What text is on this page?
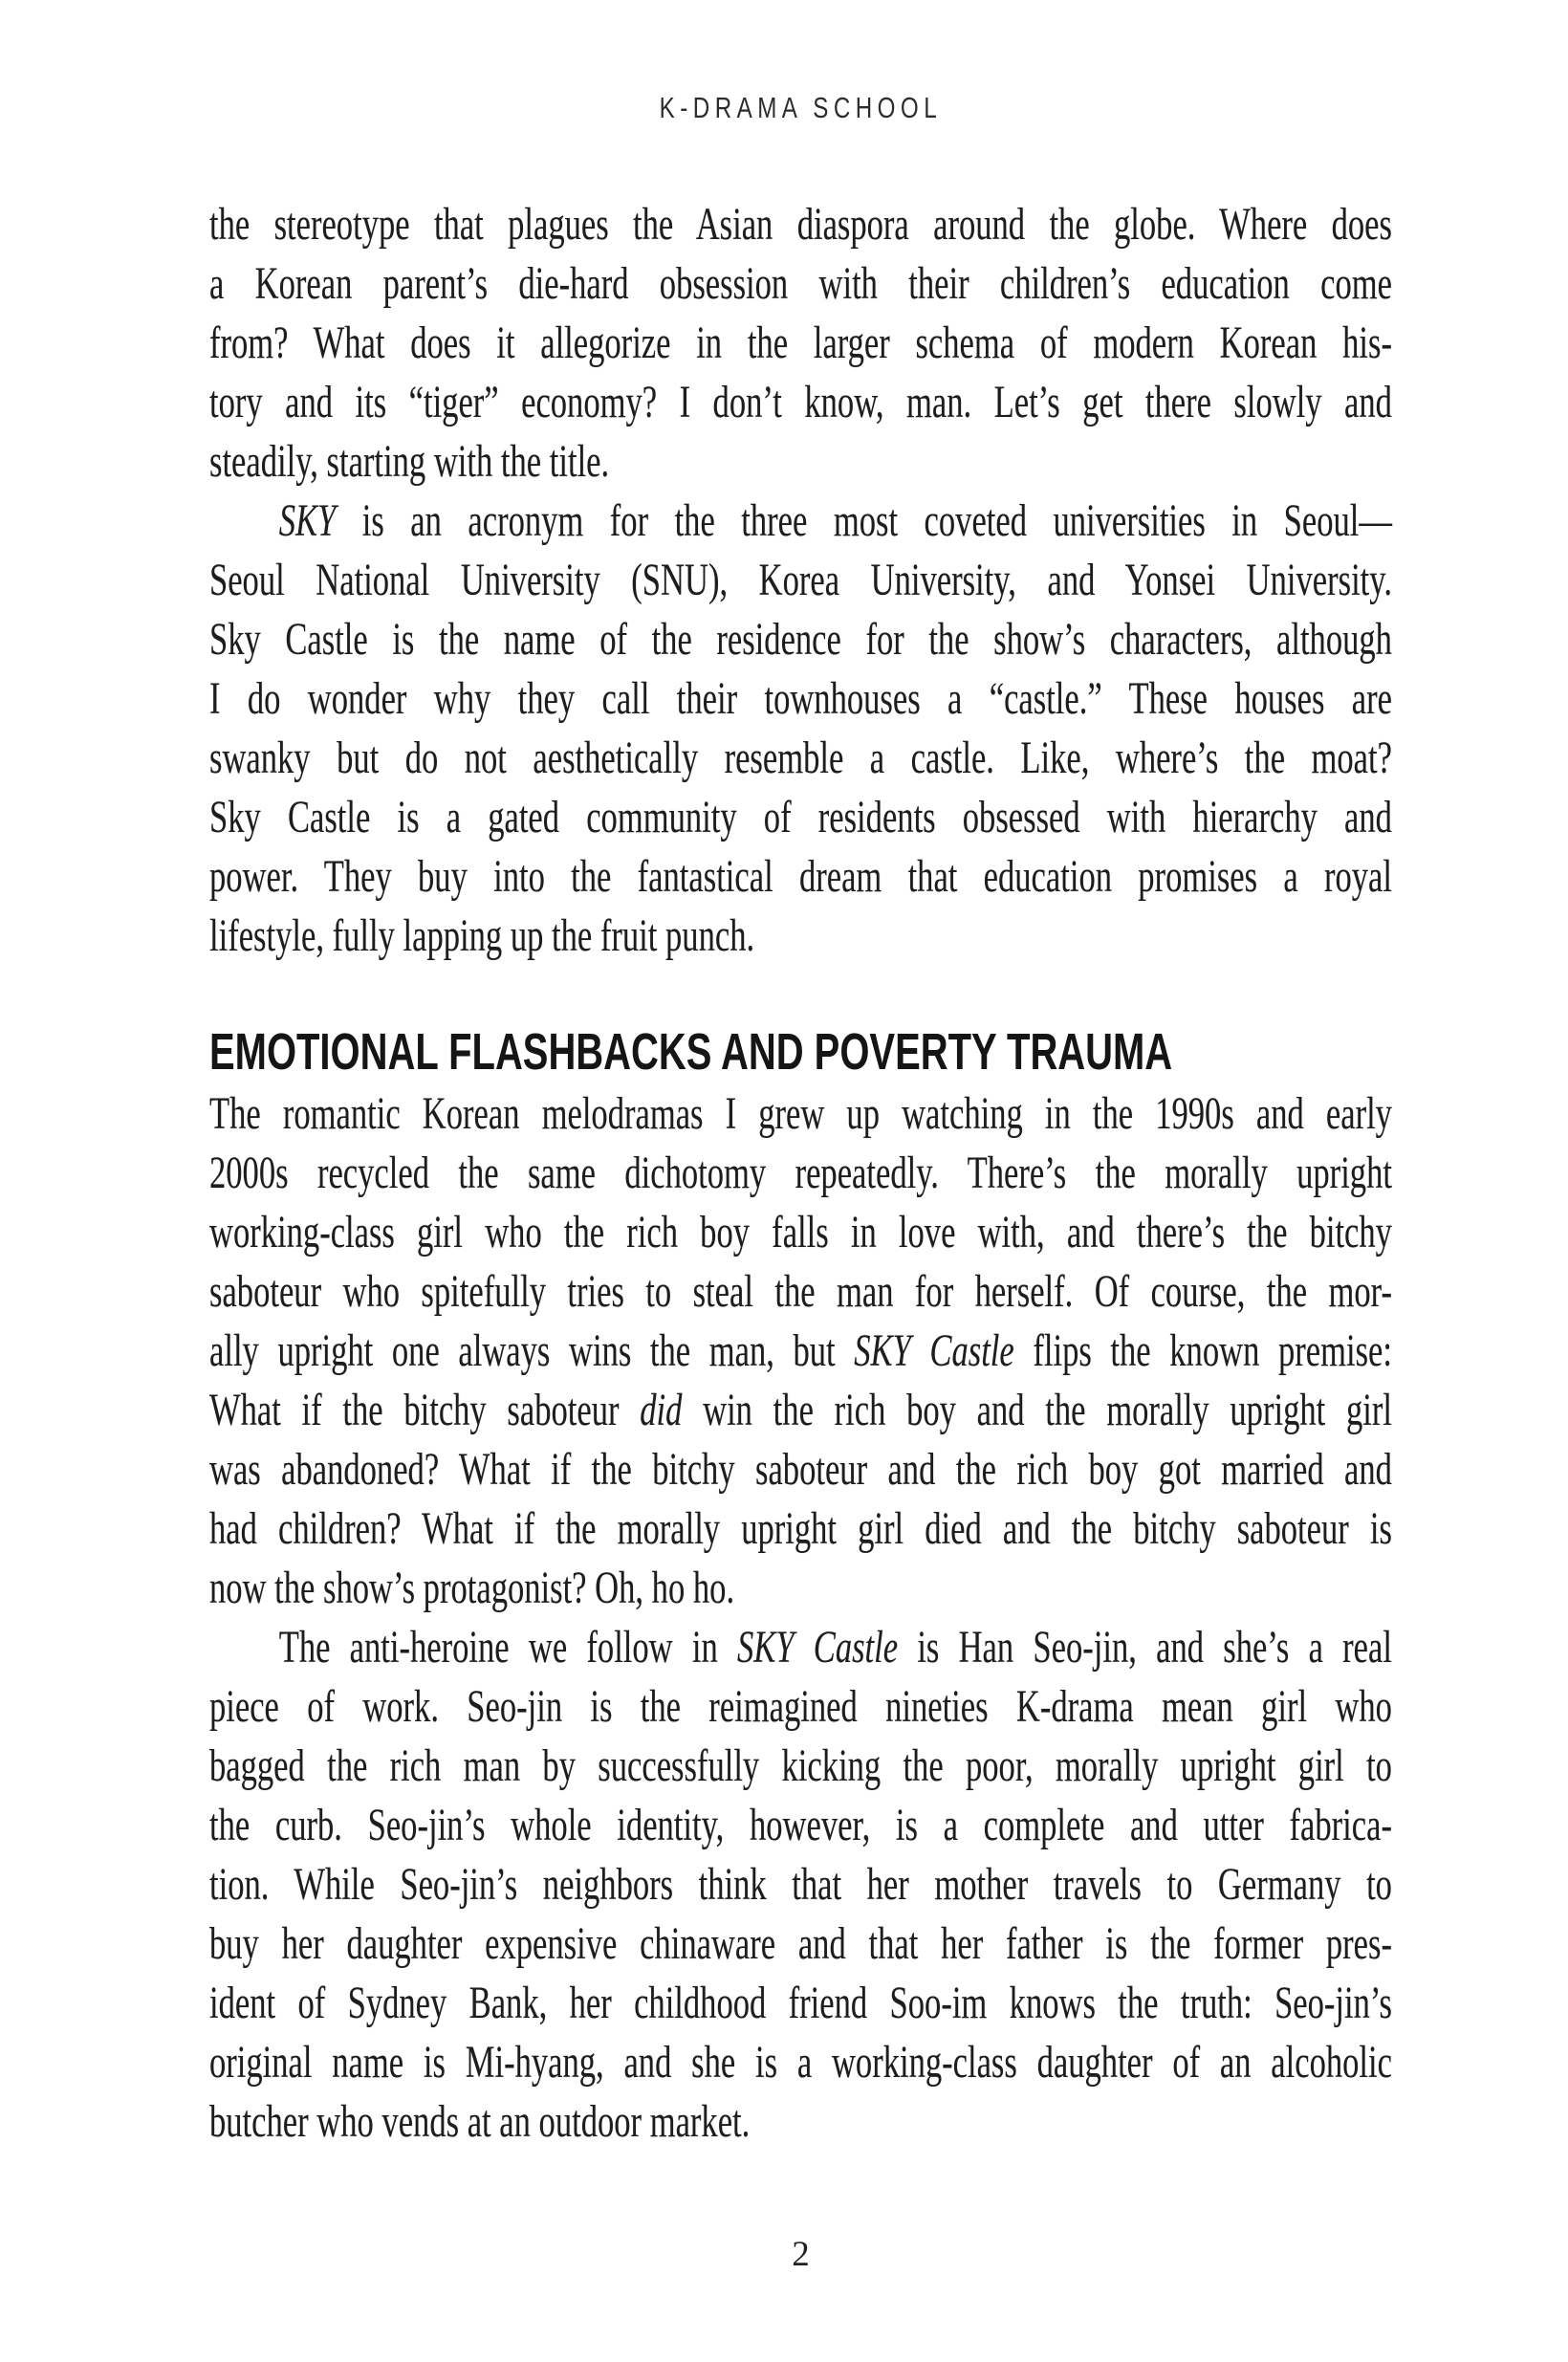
K-DRAMA SCHOOL
the stereotype that plagues the Asian diaspora around the globe. Where does
a Korean parent’s die-hard obsession with their children’s education come
from? What does it allegorize in the larger schema of modern Korean his-
tory and its “tiger” economy? I don’t know, man. Let’s get there slowly and
steadily, starting with the title.
SKY is an acronym for the three most coveted universities in Seoul—
Seoul National University (SNU), Korea University, and Yonsei University.
Sky Castle is the name of the residence for the show’s characters, although
I do wonder why they call their townhouses a “castle.” These houses are
swanky but do not aesthetically resemble a castle. Like, where’s the moat?
Sky Castle is a gated community of residents obsessed with hierarchy and
power. They buy into the fantastical dream that education promises a royal
lifestyle, fully lapping up the fruit punch.
EMOTIONAL FLASHBACKS AND POVERTY TRAUMA
The romantic Korean melodramas I grew up watching in the 1990s and early
2000s recycled the same dichotomy repeatedly. There’s the morally upright
working-class girl who the rich boy falls in love with, and there’s the bitchy
saboteur who spitefully tries to steal the man for herself. Of course, the mor-
ally upright one always wins the man, but SKY Castle flips the known premise:
What if the bitchy saboteur did win the rich boy and the morally upright girl
was abandoned? What if the bitchy saboteur and the rich boy got married and
had children? What if the morally upright girl died and the bitchy saboteur is
now the show’s protagonist? Oh, ho ho.
The anti-heroine we follow in SKY Castle is Han Seo-jin, and she’s a real
piece of work. Seo-jin is the reimagined nineties K-drama mean girl who
bagged the rich man by successfully kicking the poor, morally upright girl to
the curb. Seo-jin’s whole identity, however, is a complete and utter fabrica-
tion. While Seo-jin’s neighbors think that her mother travels to Germany to
buy her daughter expensive chinaware and that her father is the former pres-
ident of Sydney Bank, her childhood friend Soo-im knows the truth: Seo-jin’s
original name is Mi-hyang, and she is a working-class daughter of an alcoholic
butcher who vends at an outdoor market.
2
